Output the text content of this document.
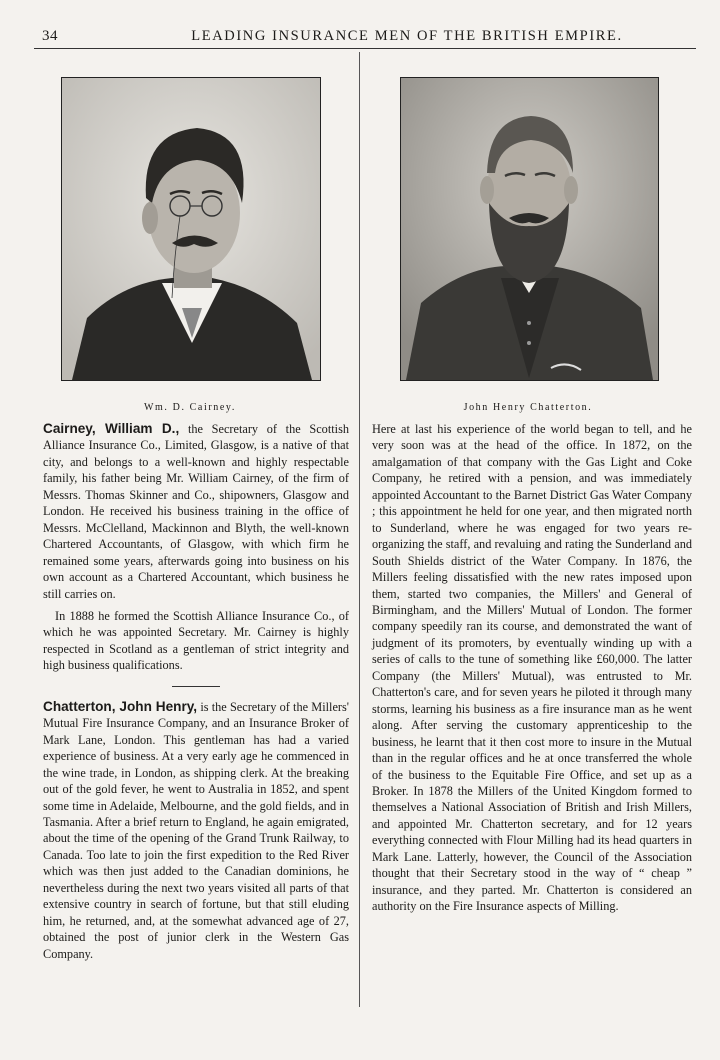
34	LEADING INSURANCE MEN OF THE BRITISH EMPIRE.
Wm. D. Cairney.	John Henry Chatterton.

Cairney, William D., the Secretary of the Scottish Alliance Insurance Co., Limited, Glasgow, is a native of that city, and belongs to a well-known and highly respectable family, his father being Mr. William Cairney, of the firm of Messrs. Thomas Skinner and Co., shipowners, Glasgow and London. He received his business training in the office of Messrs. McClelland, Mackinnon and Blyth, the well-known Chartered Accountants, of Glasgow, with which firm he remained some years, afterwards going into business on his own account as a Chartered Accountant, which business he still carries on.

In 1888 he formed the Scottish Alliance Insurance Co., of which he was appointed Secretary. Mr. Cairney is highly respected in Scotland as a gentleman of strict integrity and high business qualifications.

Chatterton, John Henry, is the Secretary of the Millers' Mutual Fire Insurance Company, and an Insurance Broker of Mark Lane, London. This gentleman has had a varied experience of business. At a very early age he commenced in the wine trade, in London, as shipping clerk. At the breaking out of the gold fever, he went to Australia in 1852, and spent some time in Adelaide, Melbourne, and the gold fields, and in Tasmania. After a brief return to England, he again emigrated, about the time of the opening of the Grand Trunk Railway, to Canada. Too late to join the first expedition to the Red River which was then just added to the Canadian dominions, he nevertheless during the next two years visited all parts of that extensive country in search of fortune, but that still eluding him, he returned, and, at the somewhat advanced age of 27, obtained the post of junior clerk in the Western Gas Company.

Here at last his experience of the world began to tell, and he very soon was at the head of the office. In 1872, on the amalgamation of that company with the Gas Light and Coke Company, he retired with a pension, and was immediately appointed Accountant to the Barnet District Gas Water Company ; this appointment he held for one year, and then migrated north to Sunderland, where he was engaged for two years re-organizing the staff, and revaluing and rating the Sunderland and South Shields district of the Water Company. In 1876, the Millers feeling dissatisfied with the new rates imposed upon them, started two companies, the Millers' and General of Birmingham, and the Millers' Mutual of London. The former company speedily ran its course, and demonstrated the want of judgment of its promoters, by eventually winding up with a series of calls to the tune of something like £60,000. The latter Company (the Millers' Mutual), was entrusted to Mr. Chatterton's care, and for seven years he piloted it through many storms, learning his business as a fire insurance man as he went along. After serving the customary apprenticeship to the business, he learnt that it then cost more to insure in the Mutual than in the regular offices and he at once transferred the whole of the business to the Equitable Fire Office, and set up as a Broker. In 1878 the Millers of the United Kingdom formed to themselves a National Association of British and Irish Millers, and appointed Mr. Chatterton secretary, and for 12 years everything connected with Flour Milling had its head quarters in Mark Lane. Latterly, however, the Council of the Association thought that their Secretary stood in the way of “ cheap ” insurance, and they parted. Mr. Chatterton is considered an authority on the Fire Insurance aspects of Milling.
